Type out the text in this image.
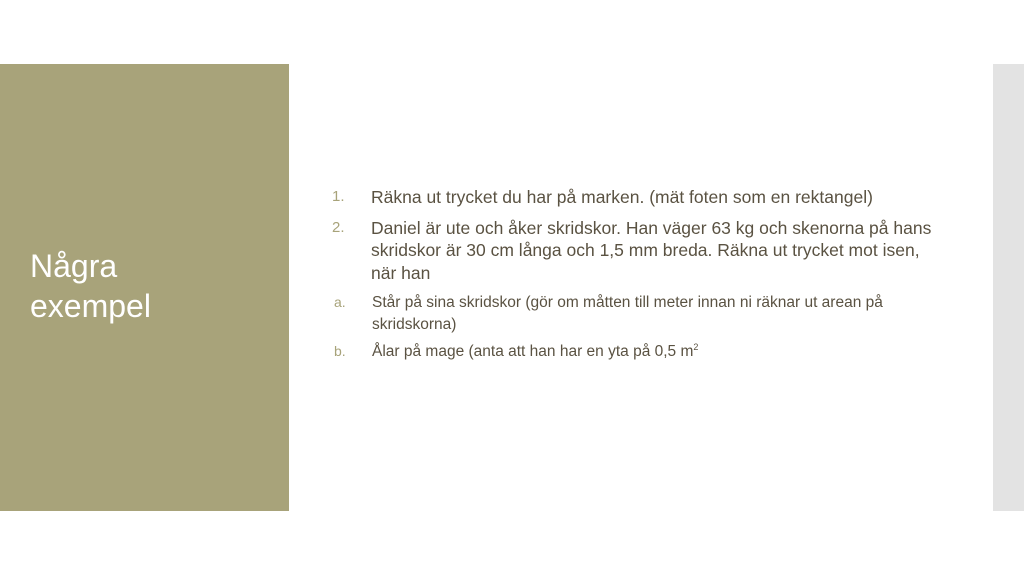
Några
exempel
1. Räkna ut trycket du har på marken. (mät foten som en rektangel)
2. Daniel är ute och åker skridskor. Han väger 63 kg och skenorna på hans skridskor är 30 cm långa och 1,5 mm breda. Räkna ut trycket mot isen, när han
a. Står på sina skridskor (gör om måtten till meter innan ni räknar ut arean på skridskorna)
b. Ålar på mage (anta att han har en yta på 0,5 $m^2$
